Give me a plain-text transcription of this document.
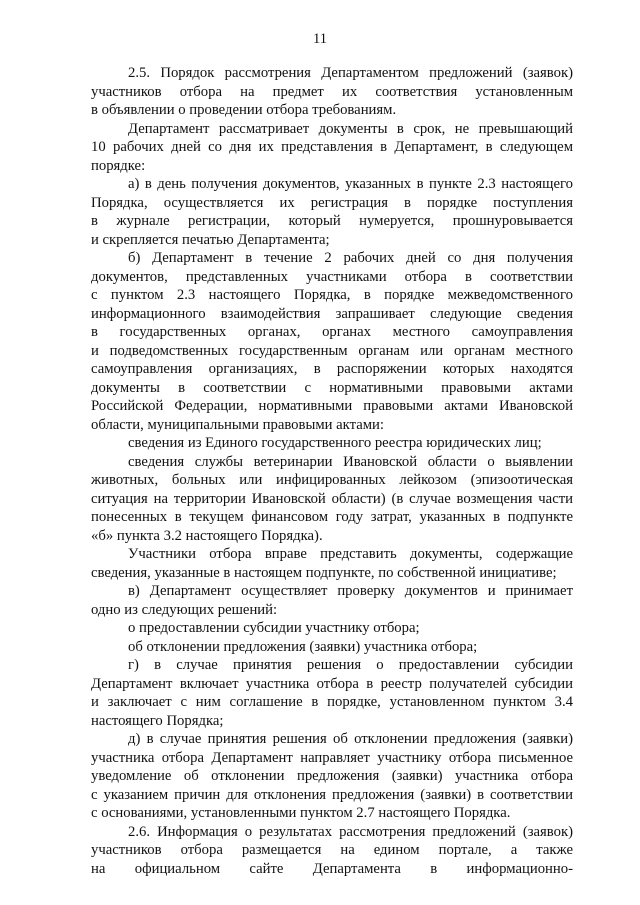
11
2.5. Порядок рассмотрения Департаментом предложений (заявок)
участников отбора на предмет их соответствия установленным
в объявлении о проведении отбора требованиям.
Департамент рассматривает документы в срок, не превышающий
10 рабочих дней со дня их представления в Департамент, в следующем
порядке:
а) в день получения документов, указанных в пункте 2.3 настоящего
Порядка, осуществляется их регистрация в порядке поступления
в журнале регистрации, который нумеруется, прошнуровывается
и скрепляется печатью Департамента;
б) Департамент в течение 2 рабочих дней со дня получения
документов, представленных участниками отбора в соответствии
с пунктом 2.3 настоящего Порядка, в порядке межведомственного
информационного взаимодействия запрашивает следующие сведения
в государственных органах, органах местного самоуправления
и подведомственных государственным органам или органам местного
самоуправления организациях, в распоряжении которых находятся
документы в соответствии с нормативными правовыми актами
Российской Федерации, нормативными правовыми актами Ивановской
области, муниципальными правовыми актами:
сведения из Единого государственного реестра юридических лиц;
сведения службы ветеринарии Ивановской области о выявлении
животных, больных или инфицированных лейкозом (эпизоотическая
ситуация на территории Ивановской области) (в случае возмещения части
понесенных в текущем финансовом году затрат, указанных в подпункте
«б» пункта 3.2 настоящего Порядка).
Участники отбора вправе представить документы, содержащие
сведения, указанные в настоящем подпункте, по собственной инициативе;
в) Департамент осуществляет проверку документов и принимает
одно из следующих решений:
о предоставлении субсидии участнику отбора;
об отклонении предложения (заявки) участника отбора;
г) в случае принятия решения о предоставлении субсидии
Департамент включает участника отбора в реестр получателей субсидии
и заключает с ним соглашение в порядке, установленном пунктом 3.4
настоящего Порядка;
д) в случае принятия решения об отклонении предложения (заявки)
участника отбора Департамент направляет участнику отбора письменное
уведомление об отклонении предложения (заявки) участника отбора
с указанием причин для отклонения предложения (заявки) в соответствии
с основаниями, установленными пунктом 2.7 настоящего Порядка.
2.6. Информация о результатах рассмотрения предложений (заявок)
участников отбора размещается на едином портале, а также
на официальном сайте Департамента в информационно-
